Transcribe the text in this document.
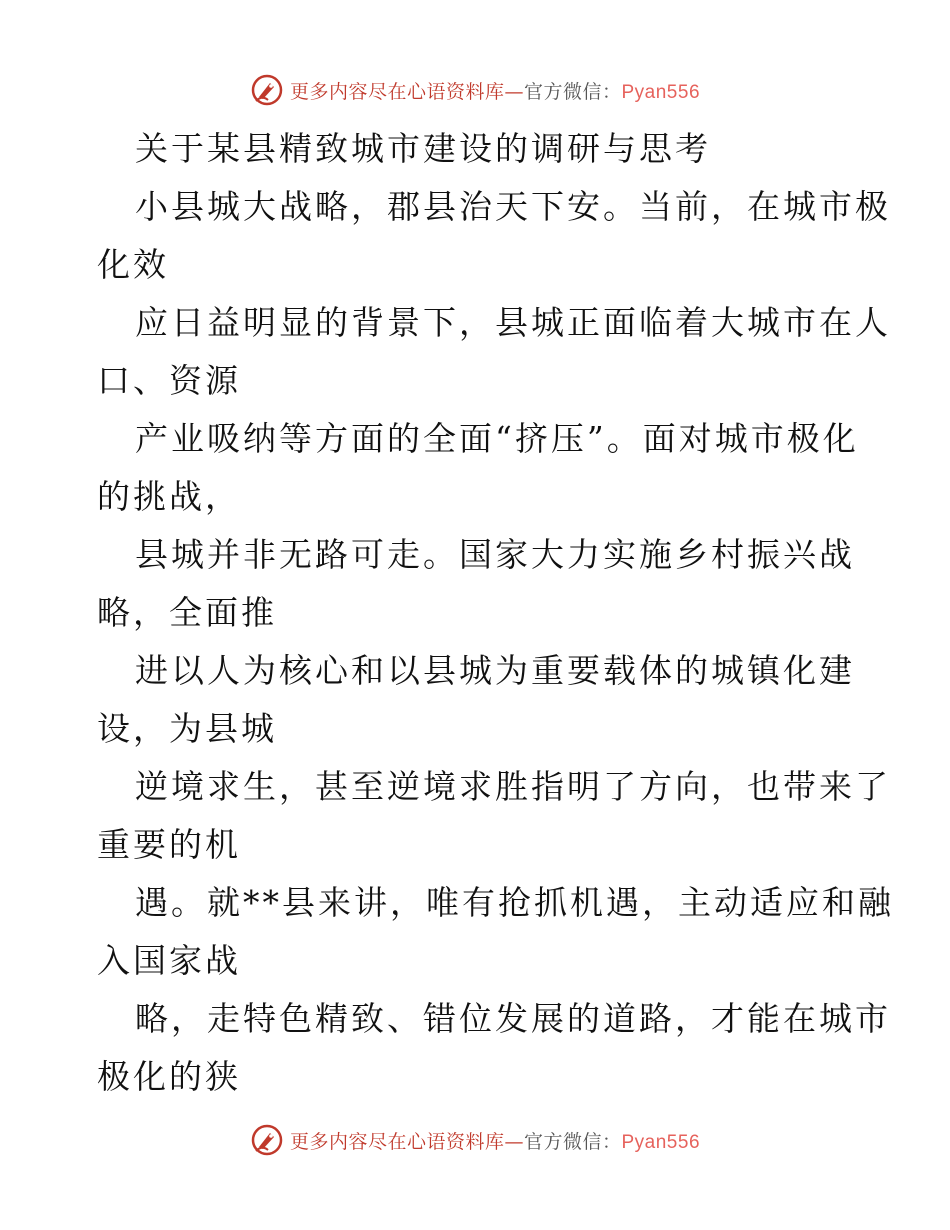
更多内容尽在心语资料库—官方微信：Pyan556
关于某县精致城市建设的调研与思考
小县城大战略，郡县治天下安。当前，在城市极
化效
应日益明显的背景下，县城正面临着大城市在人
口、资源
产业吸纳等方面的全面“挤压”。面对城市极化
的挑战，
县城并非无路可走。国家大力实施乡村振兴战
略，全面推
进以人为核心和以县城为重要载体的城镇化建
设，为县城
逆境求生，甚至逆境求胜指明了方向，也带来了
重要的机
遇。就**县来讲，唯有抢抓机遇，主动适应和融
入国家战
略，走特色精致、错位发展的道路，才能在城市
极化的狭
更多内容尽在心语资料库—官方微信：Pyan556
